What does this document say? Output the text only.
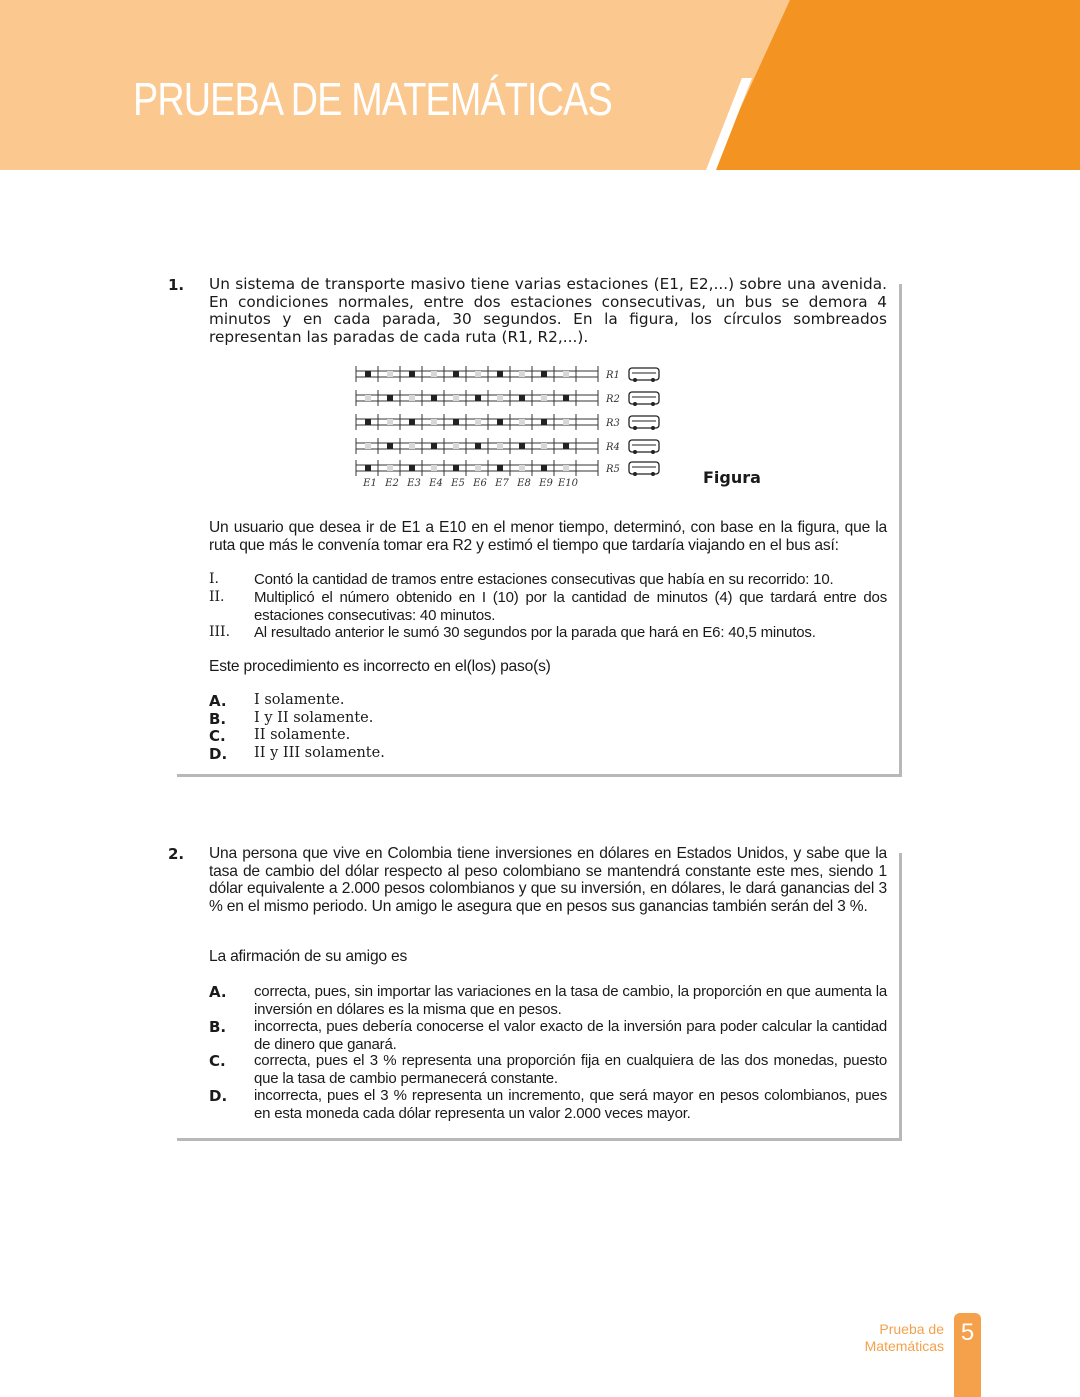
PRUEBA DE MATEMÁTICAS
1. Un sistema de transporte masivo tiene varias estaciones (E1, E2,...) sobre una avenida. En condiciones normales, entre dos estaciones consecutivas, un bus se demora 4 minutos y en cada parada, 30 segundos. En la figura, los círculos sombreados representan las paradas de cada ruta (R1, R2,...).
R1
R2
R3
R4
R5
E1 E2 E3 E4 E5 E6 E7 E8 E9 E10	Figura
Un usuario que desea ir de E1 a E10 en el menor tiempo, determinó, con base en la figura, que la ruta que más le convenía tomar era R2 y estimó el tiempo que tardaría viajando en el bus así:
I. Contó la cantidad de tramos entre estaciones consecutivas que había en su recorrido: 10.
II. Multiplicó el número obtenido en I (10) por la cantidad de minutos (4) que tardará entre dos estaciones consecutivas: 40 minutos.
III. Al resultado anterior le sumó 30 segundos por la parada que hará en E6: 40,5 minutos.
Este procedimiento es incorrecto en el(los) paso(s)
A. I solamente.
B. I y II solamente.
C. II solamente.
D. II y III solamente.
2. Una persona que vive en Colombia tiene inversiones en dólares en Estados Unidos, y sabe que la tasa de cambio del dólar respecto al peso colombiano se mantendrá constante este mes, siendo 1 dólar equivalente a 2.000 pesos colombianos y que su inversión, en dólares, le dará ganancias del 3 % en el mismo periodo. Un amigo le asegura que en pesos sus ganancias también serán del 3 %.
La afirmación de su amigo es
A. correcta, pues, sin importar las variaciones en la tasa de cambio, la proporción en que aumenta la inversión en dólares es la misma que en pesos.
B. incorrecta, pues debería conocerse el valor exacto de la inversión para poder calcular la cantidad de dinero que ganará.
C. correcta, pues el 3 % representa una proporción fija en cualquiera de las dos monedas, puesto que la tasa de cambio permanecerá constante.
D. incorrecta, pues el 3 % representa un incremento, que será mayor en pesos colombianos, pues en esta moneda cada dólar representa un valor 2.000 veces mayor.
Prueba de
Matemáticas 5
